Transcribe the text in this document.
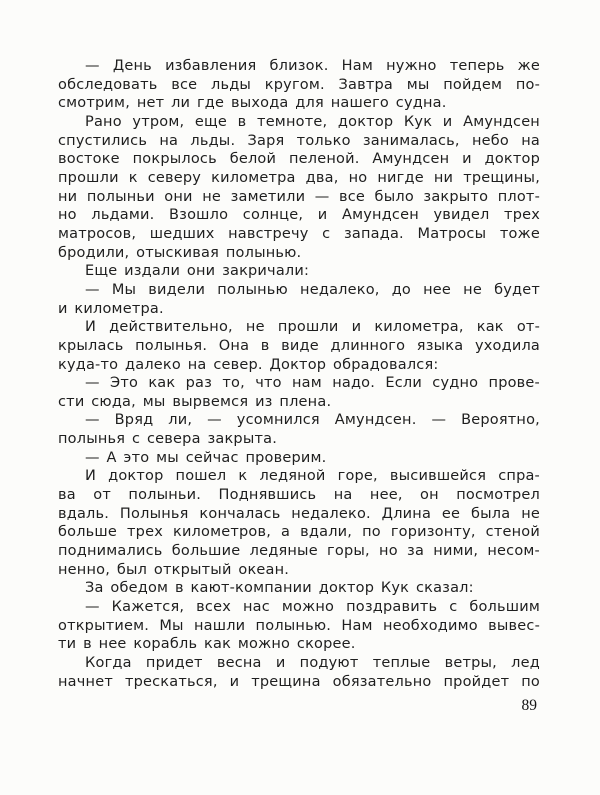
— День избавления близок. Нам нужно теперь же
обследовать все льды кругом. Завтра мы пойдем по-
смотрим, нет ли где выхода для нашего судна.

Рано утром, еще в темноте, доктор Кук и Амундсен
спустились на льды. Заря только занималась, небо на
востоке покрылось белой пеленой. Амундсен и доктор
прошли к северу километра два, но нигде ни трещины,
ни полыньи они не заметили — все было закрыто плот-
но льдами. Взошло солнце, и Амундсен увидел трех
матросов, шедших навстречу с запада. Матросы тоже
бродили, отыскивая полынью.

Еще издали они закричали:

— Мы видели полынью недалеко, до нее не будет
и километра.

И действительно, не прошли и километра, как от-
крылась полынья. Она в виде длинного языка уходила
куда-то далеко на север. Доктор обрадовался:

— Это как раз то, что нам надо. Если судно прове-
сти сюда, мы вырвемся из плена.

— Вряд ли, — усомнился Амундсен. — Вероятно,
полынья с севера закрыта.

— А это мы сейчас проверим.

И доктор пошел к ледяной горе, высившейся спра-
ва от полыньи. Поднявшись на нее, он посмотрел
вдаль. Полынья кончалась недалеко. Длина ее была не
больше трех километров, а вдали, по горизонту, стеной
поднимались большие ледяные горы, но за ними, несом-
ненно, был открытый океан.

За обедом в кают-компании доктор Кук сказал:

— Кажется, всех нас можно поздравить с большим
открытием. Мы нашли полынью. Нам необходимо вывес-
ти в нее корабль как можно скорее.

Когда придет весна и подуют теплые ветры, лед
начнет трескаться, и трещина обязательно пройдет по

89
